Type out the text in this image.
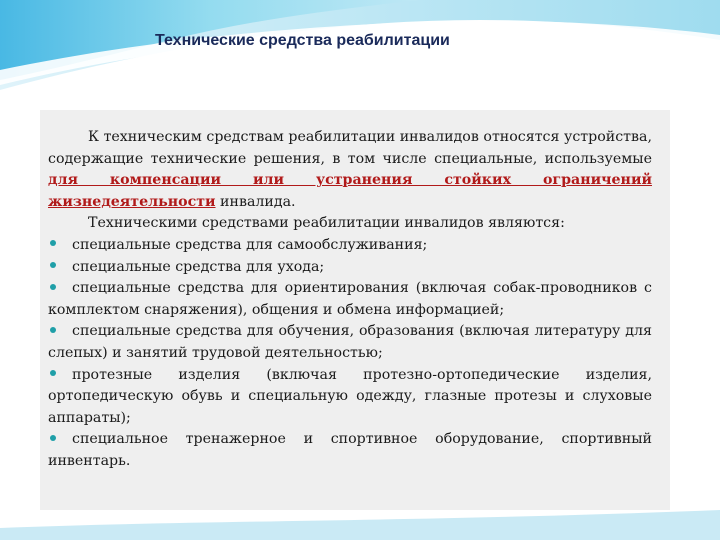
Технические средства реабилитации

К техническим средствам реабилитации инвалидов относятся устройства, содержащие технические решения, в том числе специальные, используемые для компенсации или устранения стойких ограничений жизнедеятельности инвалида.

Техническими средствами реабилитации инвалидов являются:

специальные средства для самообслуживания;
специальные средства для ухода;
специальные средства для ориентирования (включая собак-проводников с комплектом снаряжения), общения и обмена информацией;
специальные средства для обучения, образования (включая литературу для слепых) и занятий трудовой деятельностью;
протезные изделия (включая протезно-ортопедические изделия, ортопедическую обувь и специальную одежду, глазные протезы и слуховые аппараты);
специальное тренажерное и спортивное оборудование, спортивный инвентарь.
